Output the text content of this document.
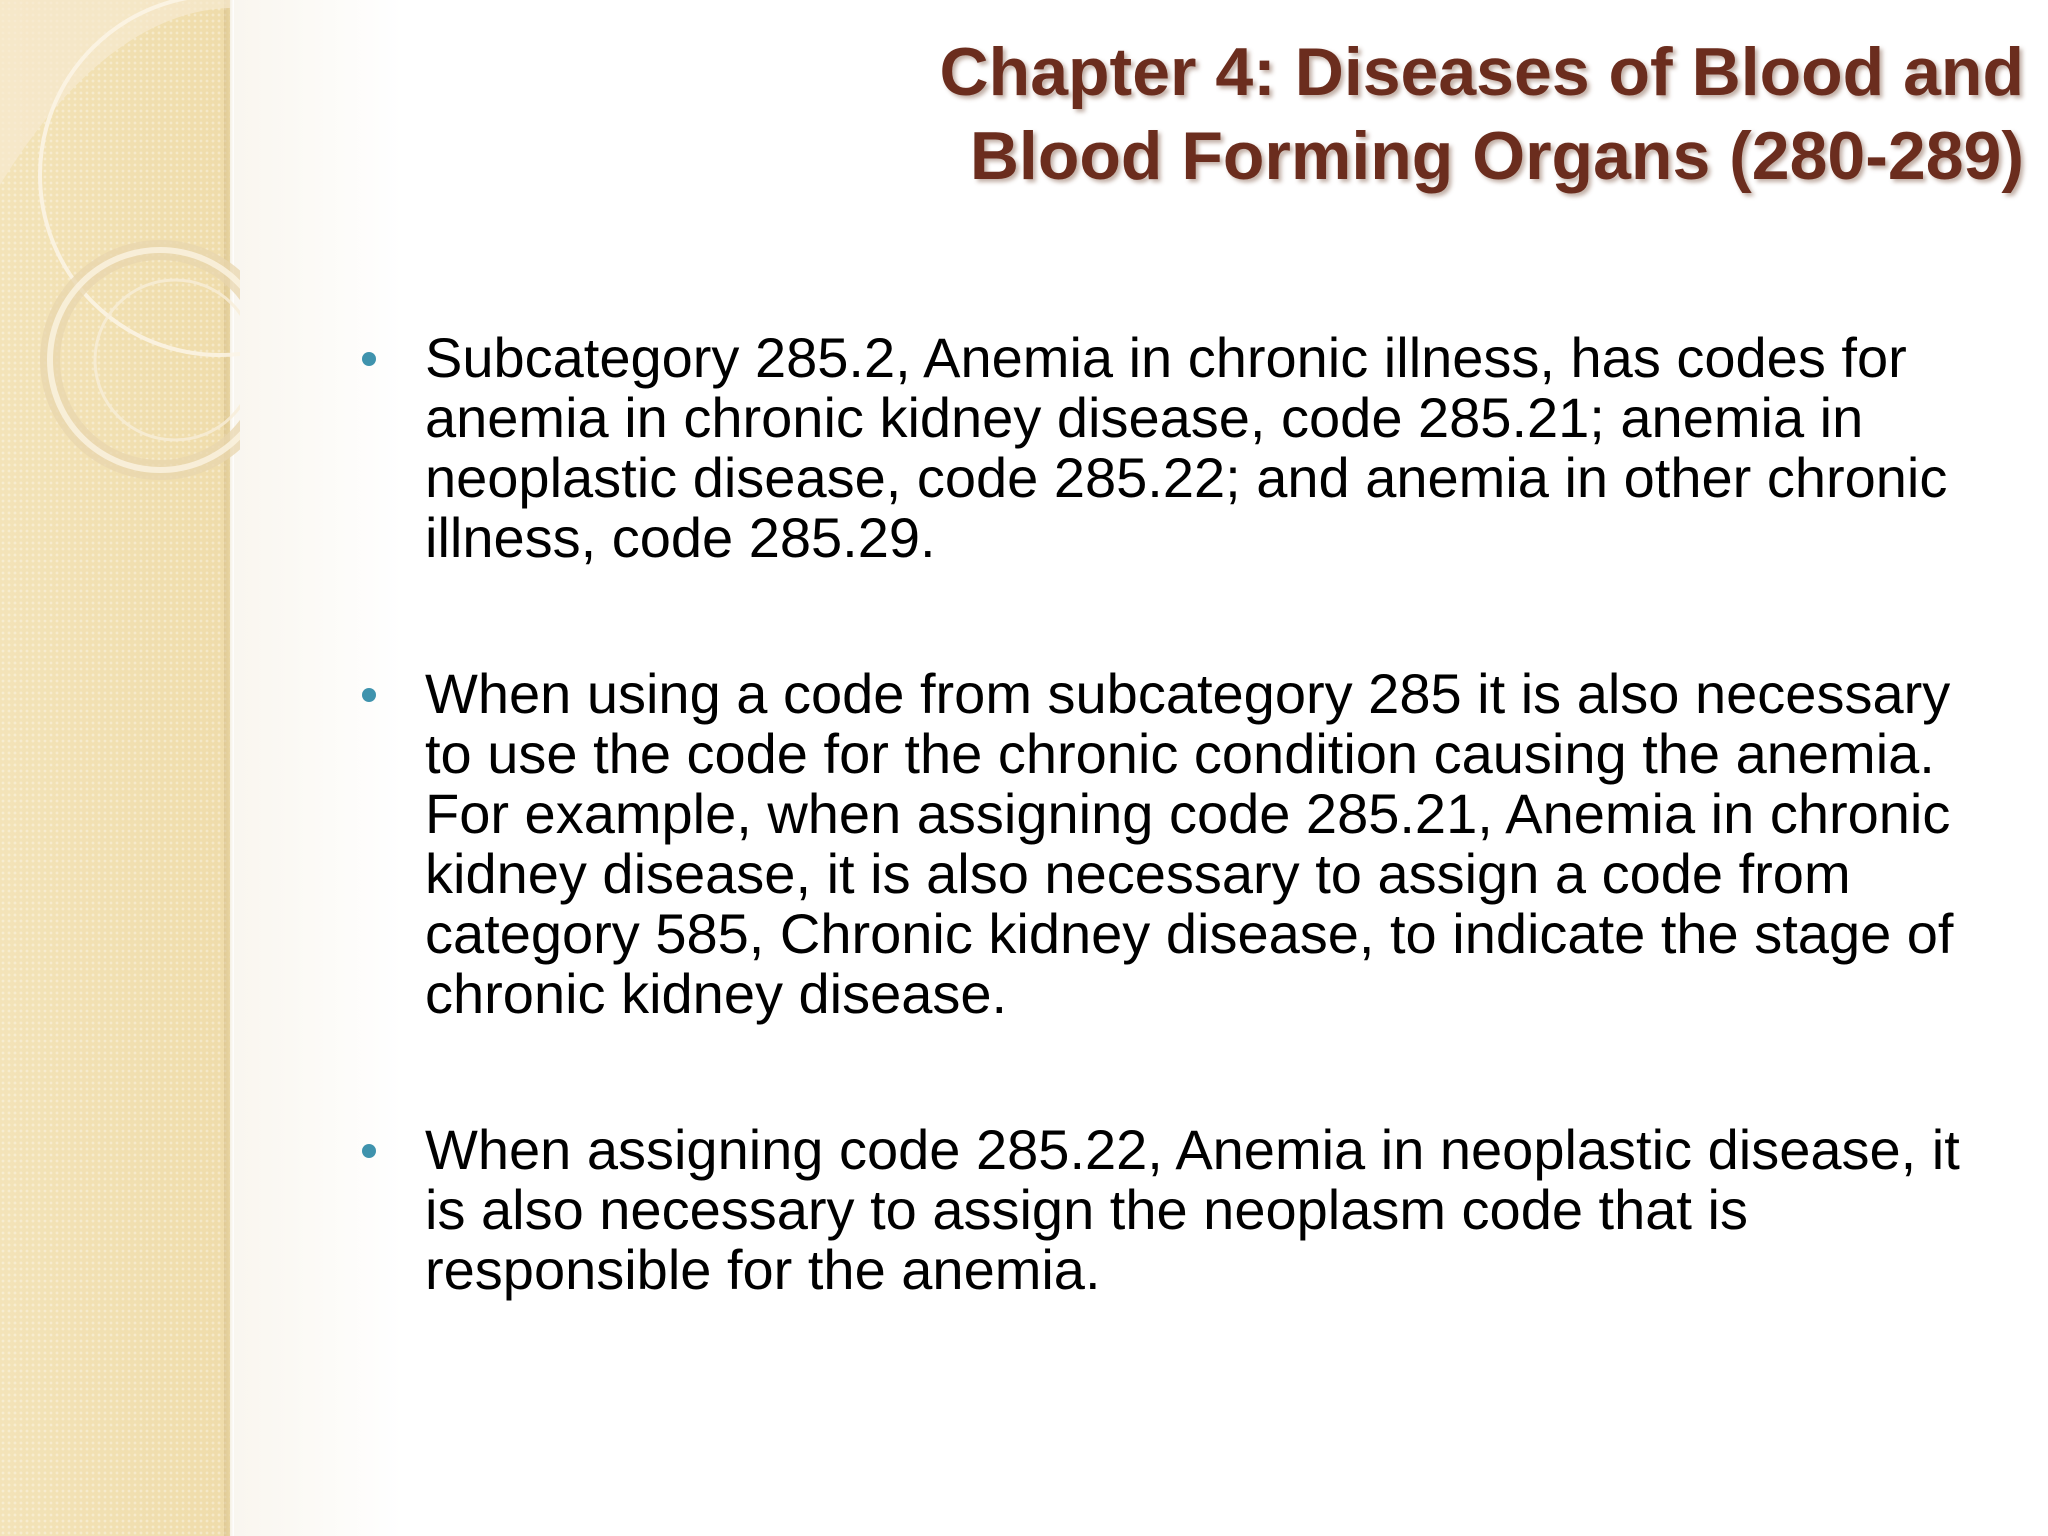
Chapter 4: Diseases of Blood and
Blood Forming Organs (280-289)
Subcategory 285.2, Anemia in chronic illness, has codes for anemia in chronic kidney disease, code 285.21; anemia in neoplastic disease, code 285.22; and anemia in other chronic illness, code 285.29.
When using a code from subcategory 285 it is also necessary to use the code for the chronic condition causing the anemia. For example, when assigning code 285.21, Anemia in chronic kidney disease, it is also necessary to assign a code from category 585, Chronic kidney disease, to indicate the stage of chronic kidney disease.
When assigning code 285.22, Anemia in neoplastic disease, it is also necessary to assign the neoplasm code that is responsible for the anemia.
